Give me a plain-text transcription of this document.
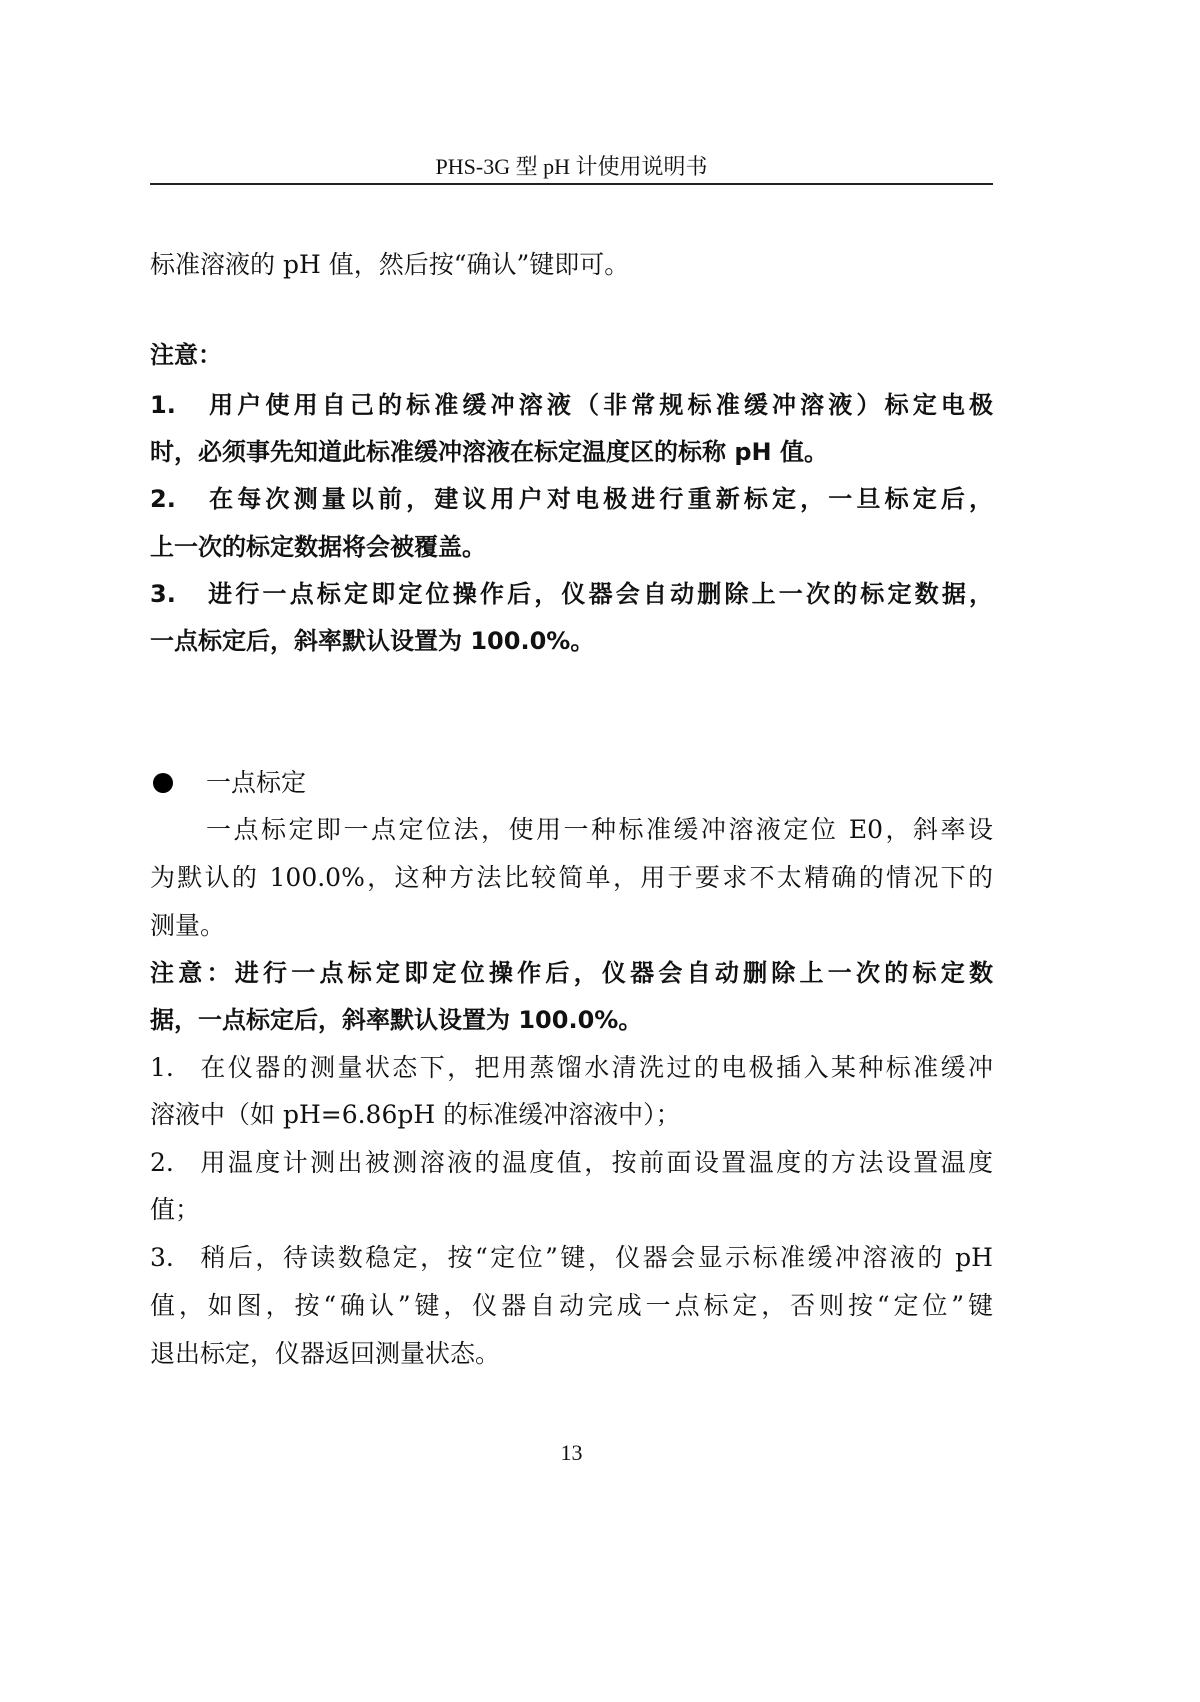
PHS-3G 型 pH 计使用说明书
标准溶液的 pH 值，然后按“确认”键即可。
注意：
1. 用户使用自己的标准缓冲溶液（非常规标准缓冲溶液）标定电极
时，必须事先知道此标准缓冲溶液在标定温度区的标称 pH 值。
2. 在每次测量以前，建议用户对电极进行重新标定，一旦标定后，
上一次的标定数据将会被覆盖。
3. 进行一点标定即定位操作后，仪器会自动删除上一次的标定数据，
一点标定后，斜率默认设置为 100.0%。
一点标定
一点标定即一点定位法，使用一种标准缓冲溶液定位 E0，斜率设
为默认的 100.0%，这种方法比较简单，用于要求不太精确的情况下的
测量。
注意：进行一点标定即定位操作后，仪器会自动删除上一次的标定数
据，一点标定后，斜率默认设置为 100.0%。
1. 在仪器的测量状态下，把用蒸馏水清洗过的电极插入某种标准缓冲
溶液中（如 pH=6.86pH 的标准缓冲溶液中）；
2. 用温度计测出被测溶液的温度值，按前面设置温度的方法设置温度
值；
3. 稍后，待读数稳定，按“定位”键，仪器会显示标准缓冲溶液的 pH
值，如图，按“确认”键，仪器自动完成一点标定，否则按“定位”键
退出标定，仪器返回测量状态。
13
